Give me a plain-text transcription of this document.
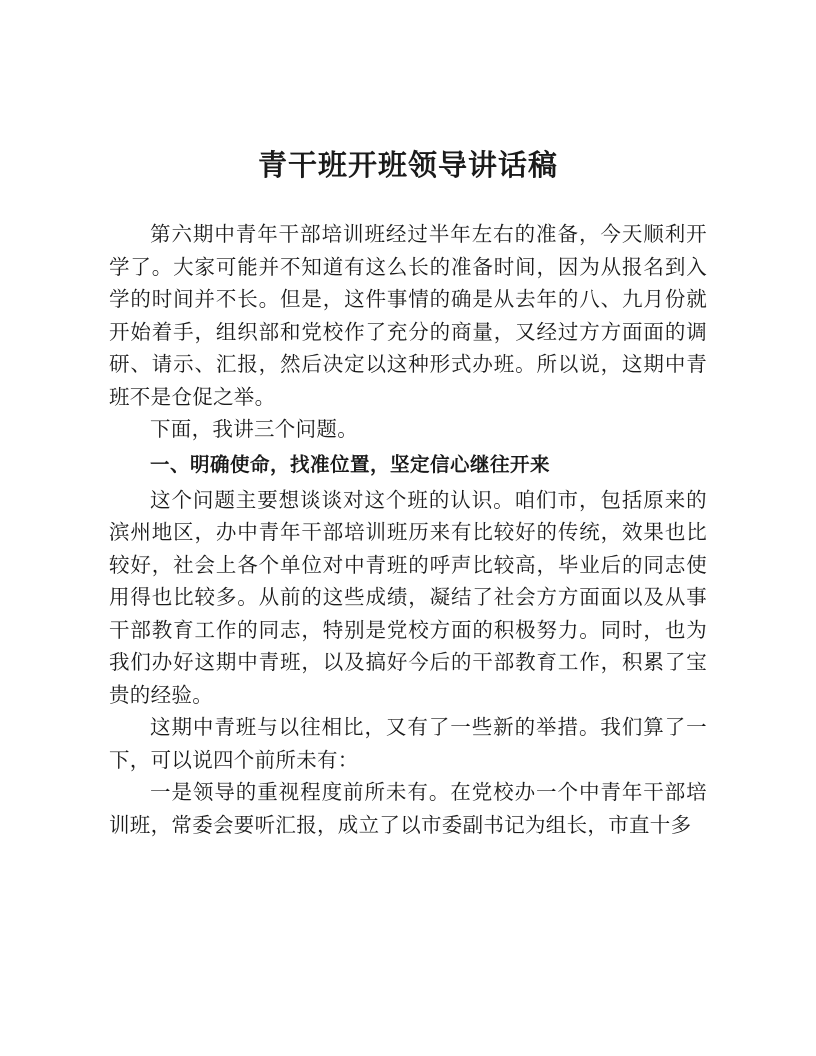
青干班开班领导讲话稿

第六期中青年干部培训班经过半年左右的准备，今天顺利开学了。大家可能并不知道有这么长的准备时间，因为从报名到入学的时间并不长。但是，这件事情的确是从去年的八、九月份就开始着手，组织部和党校作了充分的商量，又经过方方面面的调研、请示、汇报，然后决定以这种形式办班。所以说，这期中青班不是仓促之举。

下面，我讲三个问题。

一、明确使命，找准位置，坚定信心继往开来

这个问题主要想谈谈对这个班的认识。咱们市，包括原来的滨州地区，办中青年干部培训班历来有比较好的传统，效果也比较好，社会上各个单位对中青班的呼声比较高，毕业后的同志使用得也比较多。从前的这些成绩，凝结了社会方方面面以及从事干部教育工作的同志，特别是党校方面的积极努力。同时，也为我们办好这期中青班，以及搞好今后的干部教育工作，积累了宝贵的经验。

这期中青班与以往相比，又有了一些新的举措。我们算了一下，可以说四个前所未有：

一是领导的重视程度前所未有。在党校办一个中青年干部培训班，常委会要听汇报，成立了以市委副书记为组长，市直十多
